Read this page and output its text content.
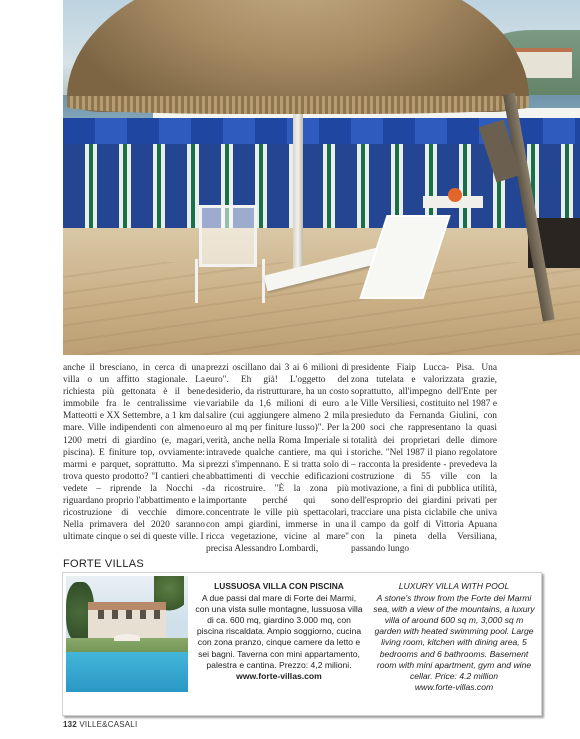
anche il bresciano, in cerca di una villa o un affitto stagionale. La richiesta più gettonata è il bene immobile fra le centralissime vie Matteotti e XX Settembre, a 1 km dal mare. Ville indipendenti con almeno 1200 metri di giardino (e, magari, piscina). E finiture top, ovviamente: marmi e parquet, soprattutto. Ma si trova questo prodotto? "I cantieri che vedete – riprende la Nocchi - riguardano proprio l'abbattimento e la ricostruzione di vecchie dimore. Nella primavera del 2020 saranno ultimate cinque o sei di queste ville. I
prezzi oscillano dai 3 ai 6 milioni di euro". Eh già! L'oggetto del desiderio, da ristrutturare, ha un costo variabile da 1,6 milioni di euro a salire (cui aggiungere almeno 2 mila euro al mq per finiture lusso)". Per la verità, anche nella Roma Imperiale si intravede qualche cantiere, ma qui i prezzi s'impennano. E si tratta solo di abbattimenti di vecchie edificazioni da ricostruire. "È la zona più importante perché qui sono concentrate le ville più spettacolari, con ampi giardini, immerse in una ricca vegetazione, vicine al mare" precisa Alessandro Lombardi,
presidente Fiaip Lucca- Pisa. Una zona tutelata e valorizzata grazie, soprattutto, all'impegno dell'Ente per le Ville Versiliesi, costituito nel 1987 e presieduto da Fernanda Giulini, con 200 soci che rappresentano la quasi totalità dei proprietari delle dimore storiche. "Nel 1987 il piano regolatore – racconta la presidente - prevedeva la costruzione di 55 ville con la motivazione, a fini di pubblica utilità, dell'esproprio dei giardini privati per tracciare una pista ciclabile che univa il campo da golf di Vittoria Apuana con la pineta della Versiliana, passando lungo
FORTE VILLAS
LUSSUOSA VILLA CON PISCINA
A due passi dal mare di Forte dei Marmi, con una vista sulle montagne, lussuosa villa di ca. 600 mq, giardino 3.000 mq, con piscina riscaldata. Ampio soggiorno, cucina con zona pranzo, cinque camere da letto e sei bagni. Taverna con mini appartamento, palestra e cantina. Prezzo: 4,2 milioni.
www.forte-villas.com
LUXURY VILLA WITH POOL
A stone's throw from the Forte dei Marmi sea, with a view of the mountains, a luxury villa of around 600 sq m, 3,000 sq m garden with heated swimming pool. Large living room, kitchen with dining area, 5 bedrooms and 6 bathrooms. Basement room with mini apartment, gym and wine cellar. Price: 4.2 million
www.forte-villas.com
132 VILLE&CASALI
